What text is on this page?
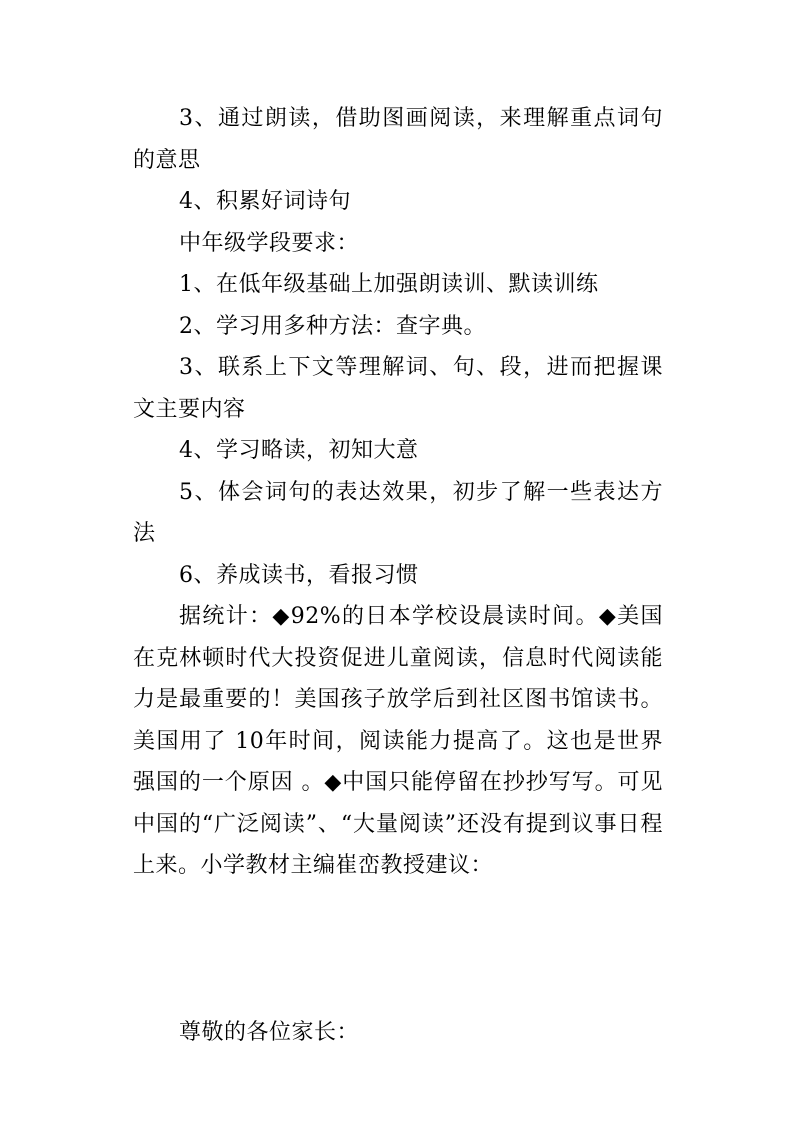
3、通过朗读，借助图画阅读，来理解重点词句的意思

4、积累好词诗句

中年级学段要求：

1、在低年级基础上加强朗读训、默读训练

2、学习用多种方法：查字典。

3、联系上下文等理解词、句、段，进而把握课文主要内容

4、学习略读，初知大意

5、体会词句的表达效果，初步了解一些表达方法

6、养成读书，看报习惯

据统计：◆92%的日本学校设晨读时间。◆美国在克林顿时代大投资促进儿童阅读，信息时代阅读能力是最重要的！美国孩子放学后到社区图书馆读书。美国用了 10年时间，阅读能力提高了。这也是世界强国的一个原因 。◆中国只能停留在抄抄写写。可见中国的“广泛阅读”、“大量阅读”还没有提到议事日程上来。小学教材主编崔峦教授建议：

尊敬的各位家长：
